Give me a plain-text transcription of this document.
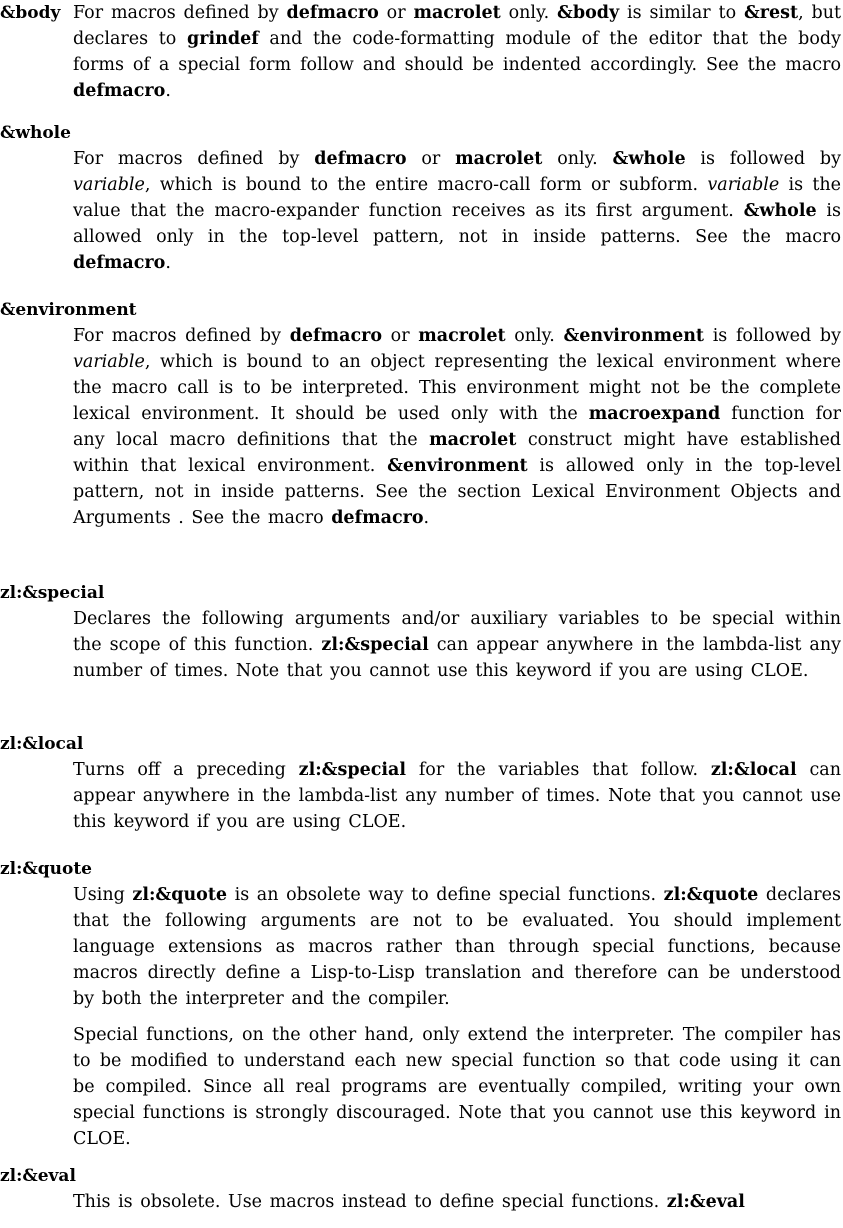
&body For macros defined by defmacro or macrolet only. &body is similar to &rest, but declares to grindef and the code-formatting module of the editor that the body forms of a special form follow and should be indented accordingly. See the macro defmacro.
&whole
For macros defined by defmacro or macrolet only. &whole is followed by variable, which is bound to the entire macro-call form or subform. variable is the value that the macro-expander function receives as its first argument. &whole is allowed only in the top-level pattern, not in inside patterns. See the macro defmacro.
&environment
For macros defined by defmacro or macrolet only. &environment is followed by variable, which is bound to an object representing the lexical environment where the macro call is to be interpreted. This environment might not be the complete lexical environment. It should be used only with the macroexpand function for any local macro definitions that the macrolet construct might have established within that lexical environment. &environment is allowed only in the top-level pattern, not in inside patterns. See the section Lexical Environment Objects and Arguments . See the macro defmacro.
zl:&special
Declares the following arguments and/or auxiliary variables to be special within the scope of this function. zl:&special can appear anywhere in the lambda-list any number of times. Note that you cannot use this keyword if you are using CLOE.
zl:&local
Turns off a preceding zl:&special for the variables that follow. zl:&local can appear anywhere in the lambda-list any number of times. Note that you cannot use this keyword if you are using CLOE.
zl:&quote
Using zl:&quote is an obsolete way to define special functions. zl:&quote declares that the following arguments are not to be evaluated. You should implement language extensions as macros rather than through special functions, because macros directly define a Lisp-to-Lisp translation and therefore can be understood by both the interpreter and the compiler.
Special functions, on the other hand, only extend the interpreter. The compiler has to be modified to understand each new special function so that code using it can be compiled. Since all real programs are eventually compiled, writing your own special functions is strongly discouraged. Note that you cannot use this keyword in CLOE.
zl:&eval
This is obsolete. Use macros instead to define special functions. zl:&eval
